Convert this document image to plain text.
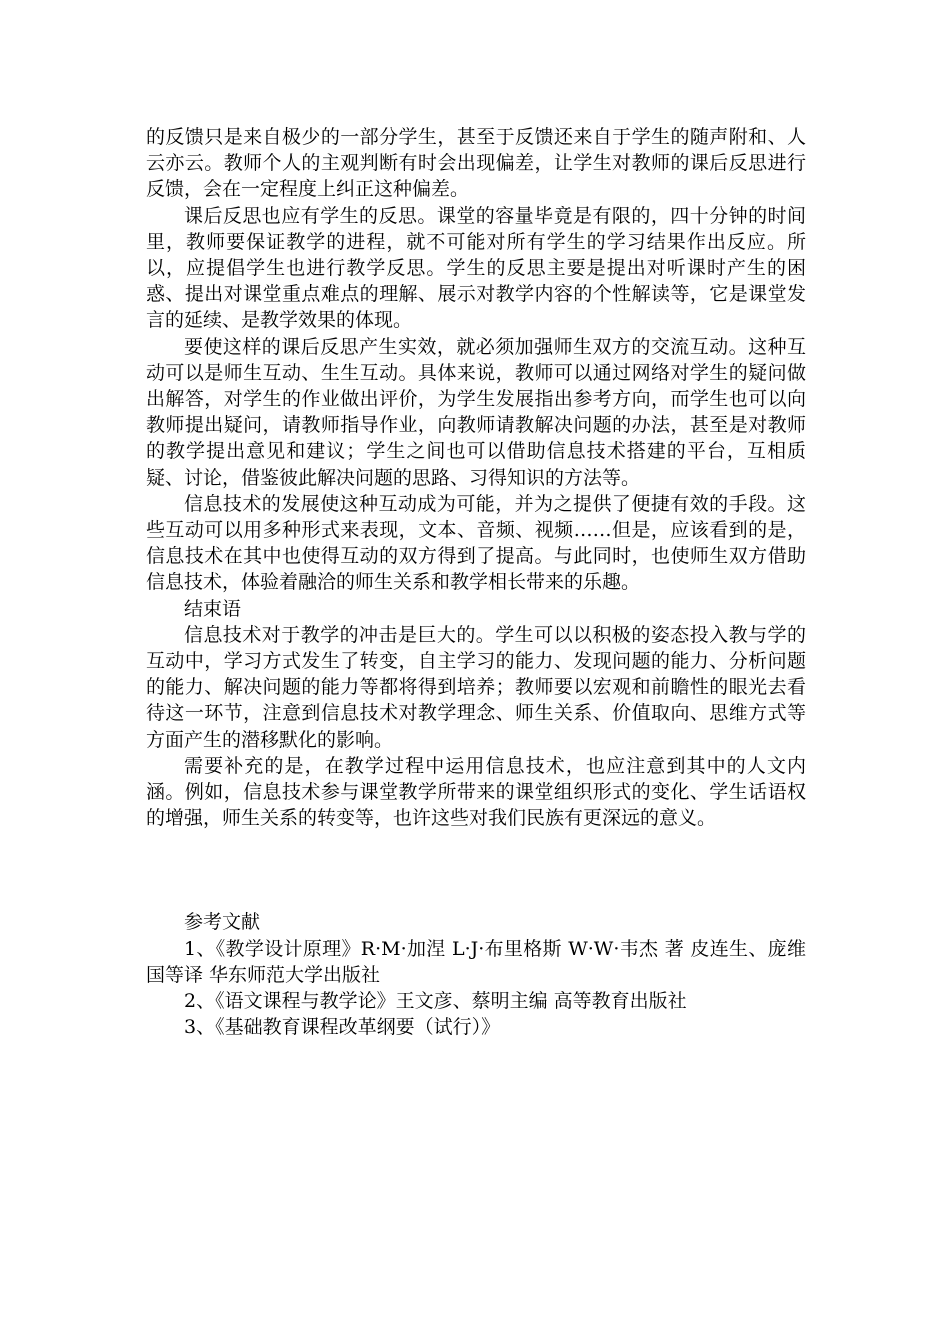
的反馈只是来自极少的一部分学生，甚至于反馈还来自于学生的随声附和、人云亦云。教师个人的主观判断有时会出现偏差，让学生对教师的课后反思进行反馈，会在一定程度上纠正这种偏差。

课后反思也应有学生的反思。课堂的容量毕竟是有限的，四十分钟的时间里，教师要保证教学的进程，就不可能对所有学生的学习结果作出反应。所以，应提倡学生也进行教学反思。学生的反思主要是提出对听课时产生的困惑、提出对课堂重点难点的理解、展示对教学内容的个性解读等，它是课堂发言的延续、是教学效果的体现。

要使这样的课后反思产生实效，就必须加强师生双方的交流互动。这种互动可以是师生互动、生生互动。具体来说，教师可以通过网络对学生的疑问做出解答，对学生的作业做出评价，为学生发展指出参考方向，而学生也可以向教师提出疑问，请教师指导作业，向教师请教解决问题的办法，甚至是对教师的教学提出意见和建议；学生之间也可以借助信息技术搭建的平台，互相质疑、讨论，借鉴彼此解决问题的思路、习得知识的方法等。

信息技术的发展使这种互动成为可能，并为之提供了便捷有效的手段。这些互动可以用多种形式来表现，文本、音频、视频……但是，应该看到的是，信息技术在其中也使得互动的双方得到了提高。与此同时，也使师生双方借助信息技术，体验着融洽的师生关系和教学相长带来的乐趣。

结束语

信息技术对于教学的冲击是巨大的。学生可以以积极的姿态投入教与学的互动中，学习方式发生了转变，自主学习的能力、发现问题的能力、分析问题的能力、解决问题的能力等都将得到培养；教师要以宏观和前瞻性的眼光去看待这一环节，注意到信息技术对教学理念、师生关系、价值取向、思维方式等方面产生的潜移默化的影响。

需要补充的是，在教学过程中运用信息技术，也应注意到其中的人文内涵。例如，信息技术参与课堂教学所带来的课堂组织形式的变化、学生话语权的增强，师生关系的转变等，也许这些对我们民族有更深远的意义。

参考文献

1、《教学设计原理》R·M·加涅 L·J·布里格斯 W·W·韦杰 著 皮连生、庞维国等译 华东师范大学出版社

2、《语文课程与教学论》王文彦、蔡明主编 高等教育出版社

3、《基础教育课程改革纲要（试行）》
